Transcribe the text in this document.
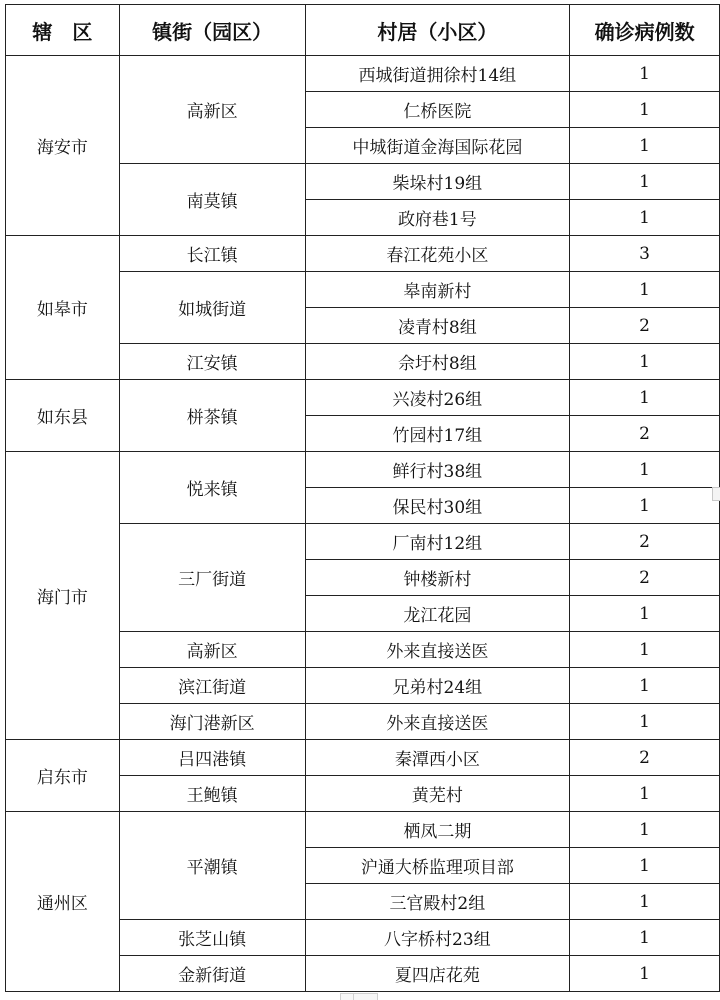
辖　区	镇街（园区）	村居（小区）	确诊病例数
海安市	高新区	西城街道拥徐村14组	1
		仁桥医院	1
		中城街道金海国际花园	1
	南莫镇	柴垛村19组	1
		政府巷1号	1
如皋市	长江镇	春江花苑小区	3
	如城街道	皋南新村	1
		凌青村8组	2
	江安镇	佘圩村8组	1
如东县	栟茶镇	兴凌村26组	1
		竹园村17组	2
海门市	悦来镇	鲜行村38组	1
		保民村30组	1
	三厂街道	厂南村12组	2
		钟楼新村	2
		龙江花园	1
	高新区	外来直接送医	1
	滨江街道	兄弟村24组	1
	海门港新区	外来直接送医	1
启东市	吕四港镇	秦潭西小区	2
	王鲍镇	黄芜村	1
通州区	平潮镇	栖凤二期	1
		沪通大桥监理项目部	1
		三官殿村2组	1
	张芝山镇	八字桥村23组	1
	金新街道	夏四店花苑	1
